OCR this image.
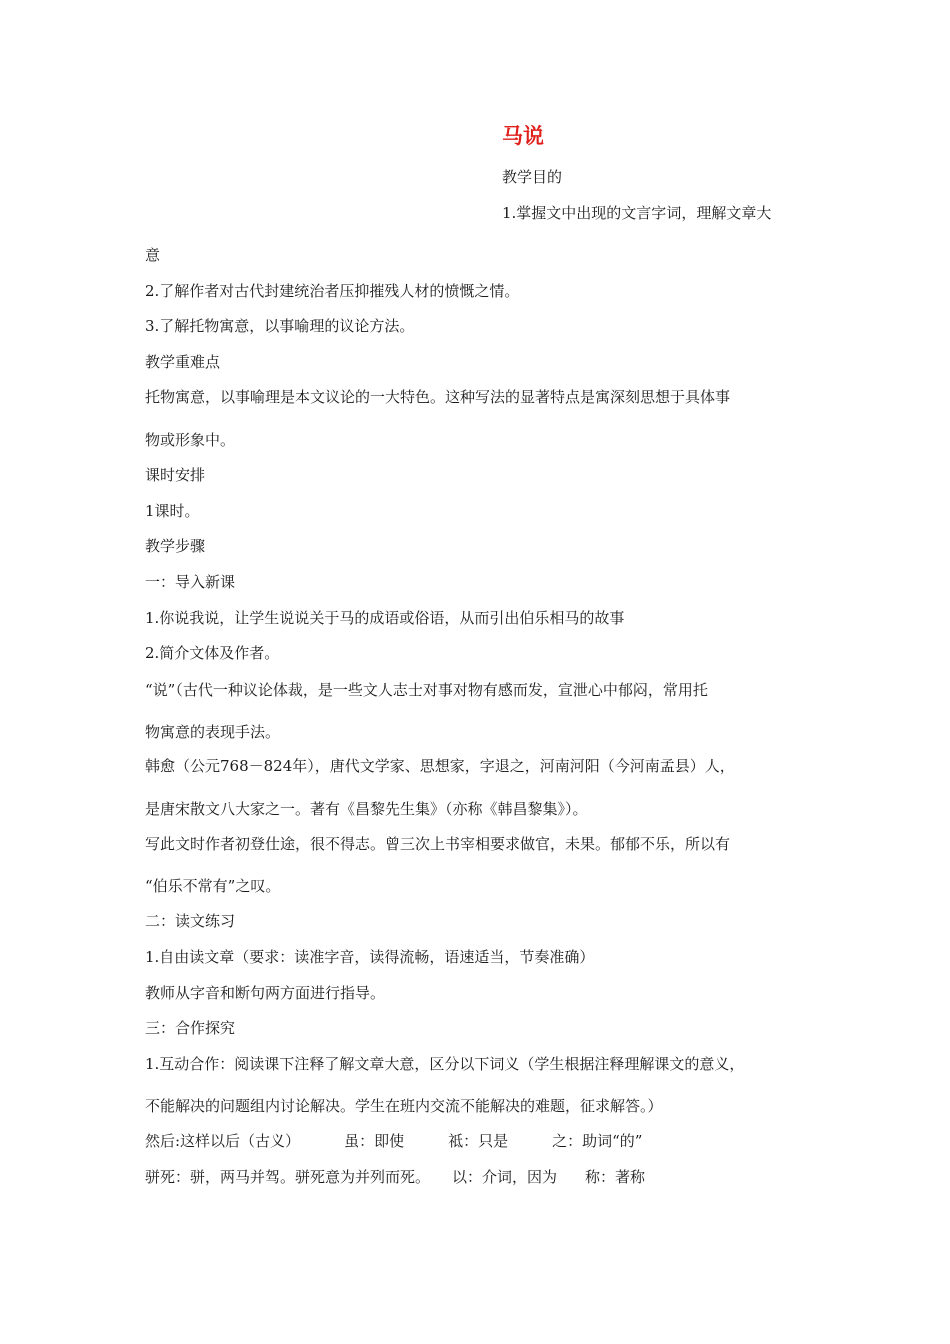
马说
教学目的
1.掌握文中出现的文言字词，理解文章大
意
2.了解作者对古代封建统治者压抑摧残人材的愤慨之情。
3.了解托物寓意，以事喻理的议论方法。
教学重难点
托物寓意，以事喻理是本文议论的一大特色。这种写法的显著特点是寓深刻思想于具体事
物或形象中。
课时安排
1课时。
教学步骤
一：导入新课
1.你说我说，让学生说说关于马的成语或俗语，从而引出伯乐相马的故事
2.简介文体及作者。
“说”（古代一种议论体裁，是一些文人志士对事对物有感而发，宣泄心中郁闷，常用托
物寓意的表现手法。
韩愈（公元768－824年），唐代文学家、思想家，字退之，河南河阳（今河南孟县）人，
是唐宋散文八大家之一。著有《昌黎先生集》（亦称《韩昌黎集》）。
写此文时作者初登仕途，很不得志。曾三次上书宰相要求做官，未果。郁郁不乐，所以有
“伯乐不常有”之叹。
二：读文练习
1.自由读文章（要求：读准字音，读得流畅，语速适当，节奏准确）
教师从字音和断句两方面进行指导。
三：合作探究
1.互动合作：阅读课下注释了解文章大意，区分以下词义（学生根据注释理解课文的意义，
不能解决的问题组内讨论解决。学生在班内交流不能解决的难题，征求解答。）
然后:这样以后（古义）	虽：即使	祗：只是	之：助词“的”
骈死：骈，两马并驾。骈死意为并列而死。 以：介词，因为 称：著称
